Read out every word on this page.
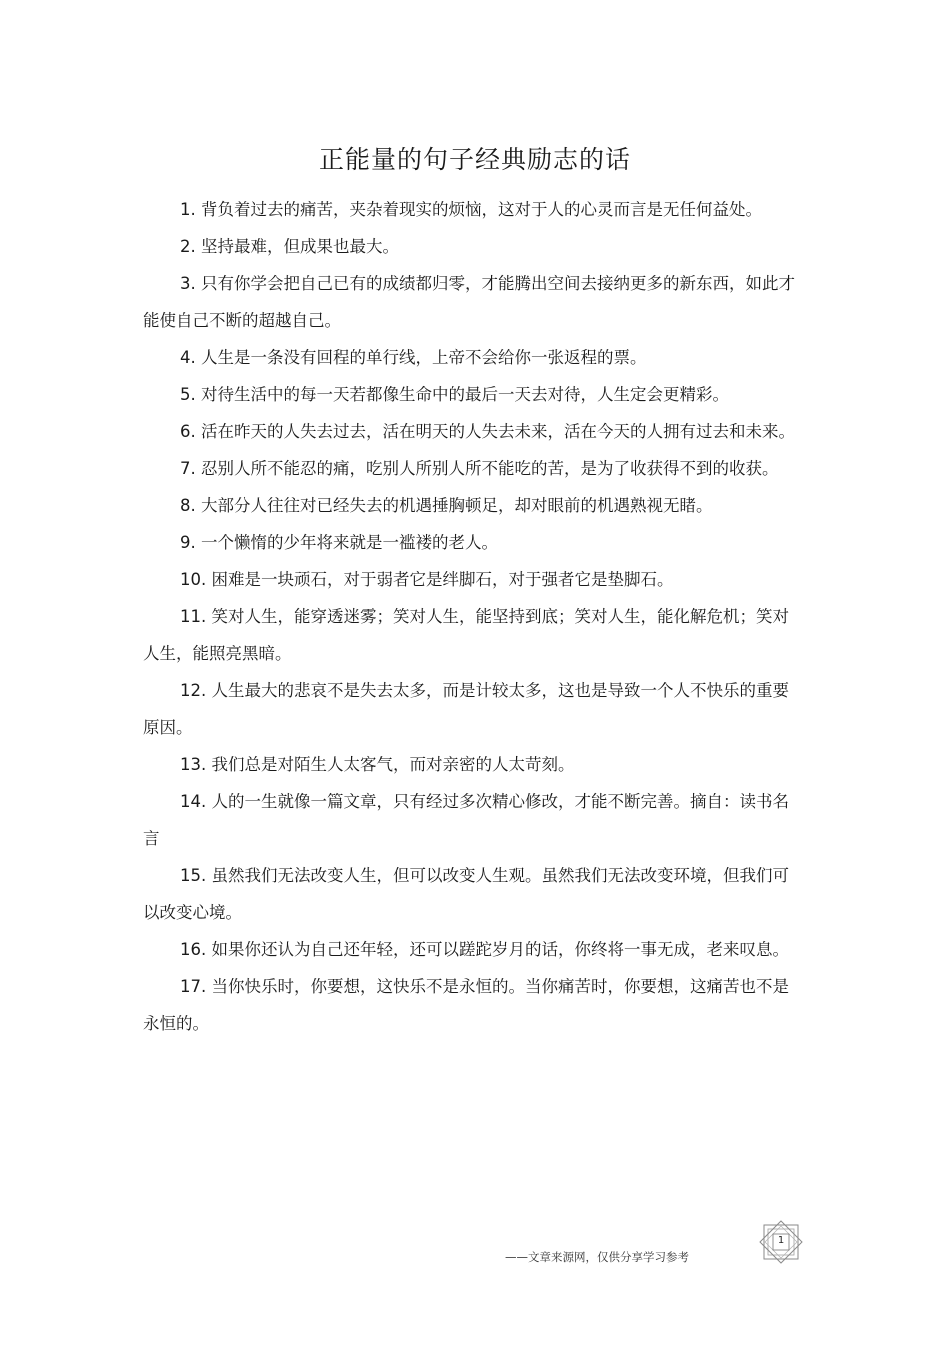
正能量的句子经典励志的话

1. 背负着过去的痛苦，夹杂着现实的烦恼，这对于人的心灵而言是无任何益处。

2. 坚持最难，但成果也最大。

3. 只有你学会把自己已有的成绩都归零，才能腾出空间去接纳更多的新东西，如此才能使自己不断的超越自己。

4. 人生是一条没有回程的单行线，上帝不会给你一张返程的票。

5. 对待生活中的每一天若都像生命中的最后一天去对待，人生定会更精彩。

6. 活在昨天的人失去过去，活在明天的人失去未来，活在今天的人拥有过去和未来。

7. 忍别人所不能忍的痛，吃别人所别人所不能吃的苦，是为了收获得不到的收获。

8. 大部分人往往对已经失去的机遇捶胸顿足，却对眼前的机遇熟视无睹。

9. 一个懒惰的少年将来就是一褴褛的老人。

10. 困难是一块顽石，对于弱者它是绊脚石，对于强者它是垫脚石。

11. 笑对人生，能穿透迷雾；笑对人生，能坚持到底；笑对人生，能化解危机；笑对人生，能照亮黑暗。

12. 人生最大的悲哀不是失去太多，而是计较太多，这也是导致一个人不快乐的重要原因。

13. 我们总是对陌生人太客气，而对亲密的人太苛刻。

14. 人的一生就像一篇文章，只有经过多次精心修改，才能不断完善。摘自：读书名言

15. 虽然我们无法改变人生，但可以改变人生观。虽然我们无法改变环境，但我们可以改变心境。

16. 如果你还认为自己还年轻，还可以蹉跎岁月的话，你终将一事无成，老来叹息。

17. 当你快乐时，你要想，这快乐不是永恒的。当你痛苦时，你要想，这痛苦也不是永恒的。

——文章来源网，仅供分享学习参考
1
